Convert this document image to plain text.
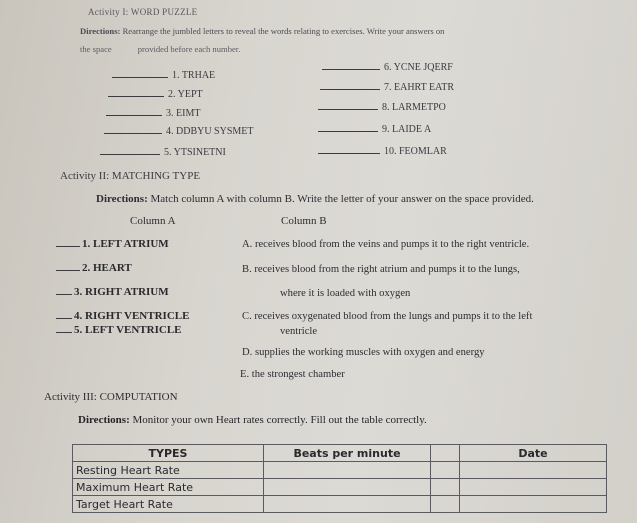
Activity I: WORD PUZZLE
Directions: Rearrange the jumbled letters to reveal the words relating to exercises. Write your answers on
the space	provided before each number.
1. TRHAE
2. YEPT
3. EIMT
4. DDBYU SYSMET
5. YTSINETNI
6. YCNE JQERF
7. EAHRT EATR
8. LARMETPO
9. LAIDE A
10. FEOMLAR
Activity II: MATCHING TYPE
Directions: Match column A with column B. Write the letter of your answer on the space provided.
Column A	Column B
1. LEFT ATRIUM
2. HEART
3. RIGHT ATRIUM
4. RIGHT VENTRICLE
5. LEFT VENTRICLE
A. receives blood from the veins and pumps it to the right ventricle.
B. receives blood from the right atrium and pumps it to the lungs,
where it is loaded with oxygen
C. receives oxygenated blood from the lungs and pumps it to the left
ventricle
D. supplies the working muscles with oxygen and energy
E. the strongest chamber
Activity III: COMPUTATION
Directions: Monitor your own Heart rates correctly. Fill out the table correctly.
TYPES	Beats per minute		Date
Resting Heart Rate			
Maximum Heart Rate			
Target Heart Rate			
